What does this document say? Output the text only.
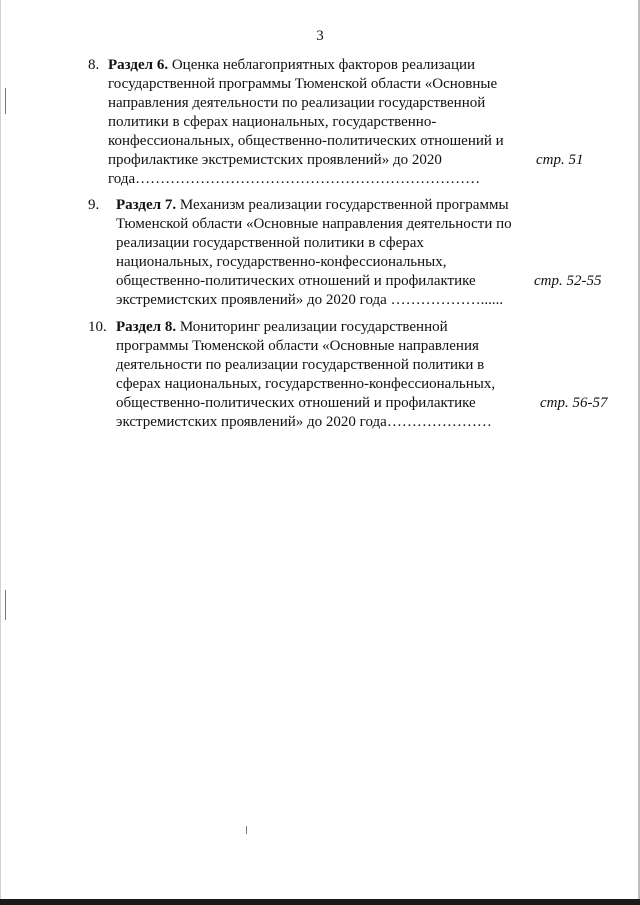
3
8. Раздел 6. Оценка неблагоприятных факторов реализации
государственной программы Тюменской области «Основные
направления деятельности по реализации государственной
политики в сферах национальных, государственно-
конфессиональных, общественно-политических отношений и
профилактике экстремистских проявлений» до 2020
года……………………………………………………………
стр. 51
9. Раздел 7. Механизм реализации государственной программы
Тюменской области «Основные направления деятельности по
реализации государственной политики в сферах
национальных, государственно-конфессиональных,
общественно-политических отношений и профилактике
экстремистских проявлений» до 2020 года ………………......
стр. 52-55
10. Раздел 8. Мониторинг реализации государственной
программы Тюменской области «Основные направления
деятельности по реализации государственной политики в
сферах национальных, государственно-конфессиональных,
общественно-политических отношений и профилактике
экстремистских проявлений» до 2020 года…………………
стр. 56-57
